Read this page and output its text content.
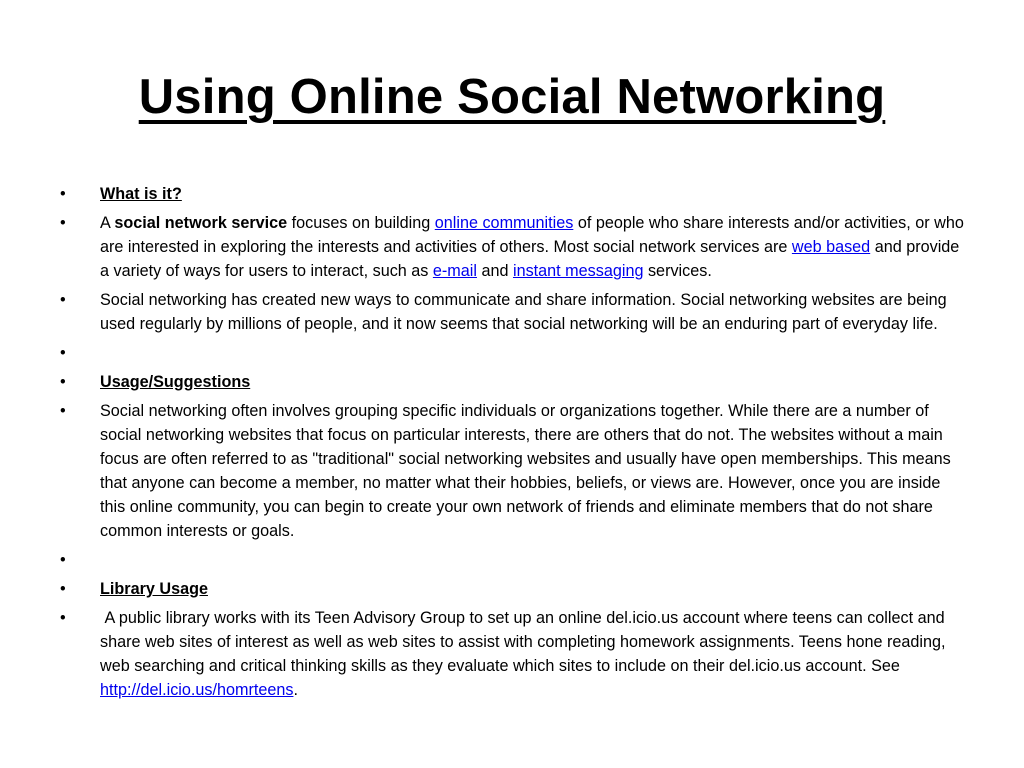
Using Online Social Networking
• What is it?
• A social network service focuses on building online communities of people who share interests and/or activities, or who are interested in exploring the interests and activities of others. Most social network services are web based and provide a variety of ways for users to interact, such as e-mail and instant messaging services.
• Social networking has created new ways to communicate and share information. Social networking websites are being used regularly by millions of people, and it now seems that social networking will be an enduring part of everyday life.
•

• Usage/Suggestions
• Social networking often involves grouping specific individuals or organizations together. While there are a number of social networking websites that focus on particular interests, there are others that do not. The websites without a main focus are often referred to as "traditional" social networking websites and usually have open memberships. This means that anyone can become a member, no matter what their hobbies, beliefs, or views are. However, once you are inside this online community, you can begin to create your own network of friends and eliminate members that do not share common interests or goals.
•

• Library Usage
• A public library works with its Teen Advisory Group to set up an online del.icio.us account where teens can collect and share web sites of interest as well as web sites to assist with completing homework assignments. Teens hone reading, web searching and critical thinking skills as they evaluate which sites to include on their del.icio.us account. See http://del.icio.us/homrteens.
